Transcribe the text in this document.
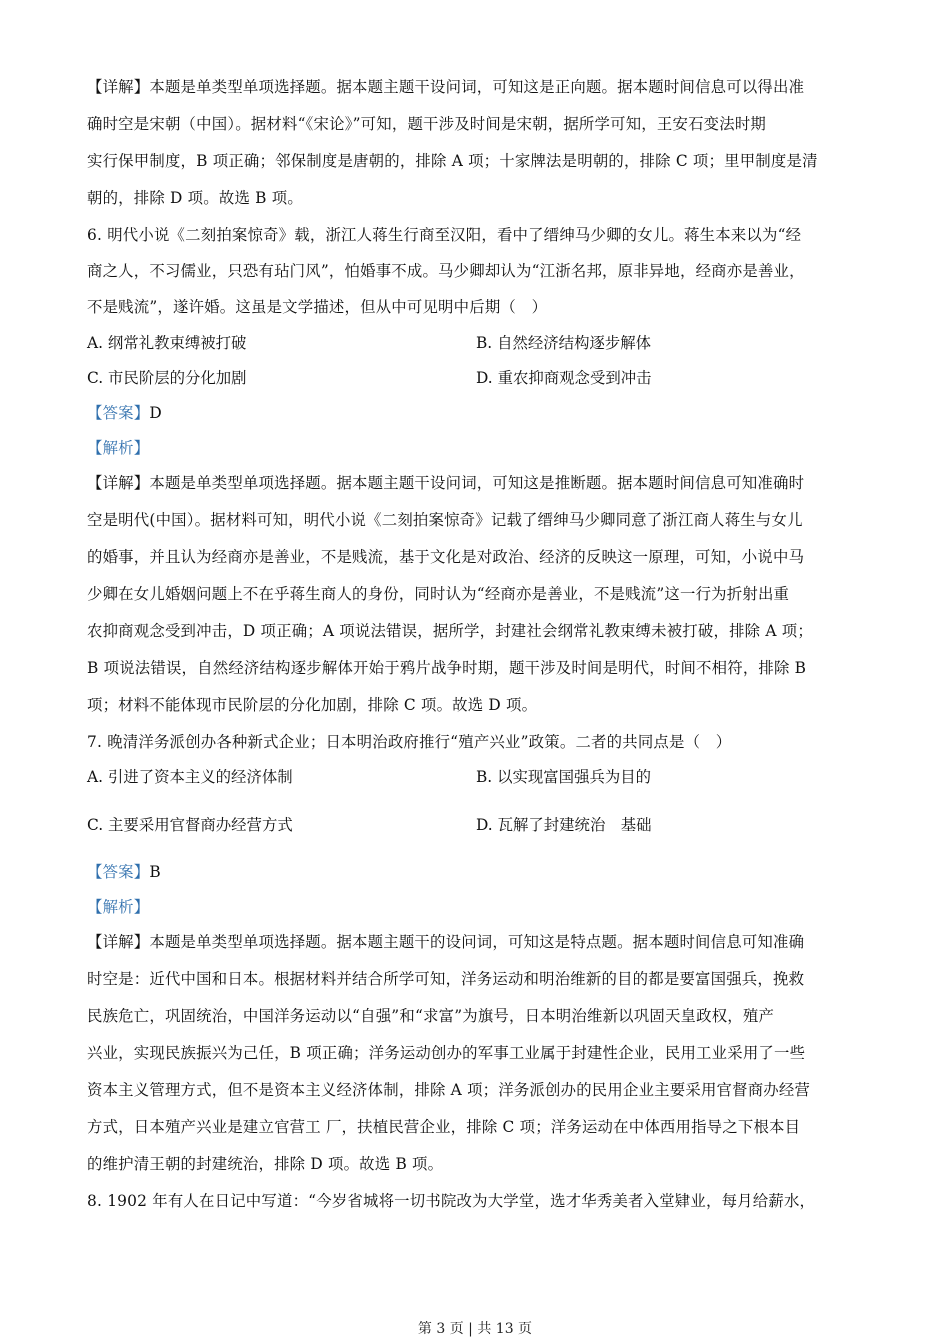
【详解】本题是单类型单项选择题。据本题主题干设问词，可知这是正向题。据本题时间信息可以得出准
确时空是宋朝（中国）。据材料“《宋论》”可知，题干涉及时间是宋朝，据所学可知，王安石变法时期
实行保甲制度，B 项正确；邻保制度是唐朝的，排除 A 项；十家牌法是明朝的，排除 C 项；里甲制度是清
朝的，排除 D 项。故选 B 项。
6. 明代小说《二刻拍案惊奇》载，浙江人蒋生行商至汉阳，看中了缙绅马少卿的女儿。蒋生本来以为“经
商之人，不习儒业，只恐有玷门风”，怕婚事不成。马少卿却认为“江浙名邦，原非异地，经商亦是善业，
不是贱流”，遂许婚。这虽是文学描述，但从中可见明中后期（　）
A. 纲常礼教束缚被打破	B. 自然经济结构逐步解体
C. 市民阶层的分化加剧	D. 重农抑商观念受到冲击
【答案】D
【解析】
【详解】本题是单类型单项选择题。据本题主题干设问词，可知这是推断题。据本题时间信息可知准确时
空是明代(中国）。据材料可知，明代小说《二刻拍案惊奇》记载了缙绅马少卿同意了浙江商人蒋生与女儿
的婚事，并且认为经商亦是善业，不是贱流，基于文化是对政治、经济的反映这一原理，可知，小说中马
少卿在女儿婚姻问题上不在乎蒋生商人的身份，同时认为“经商亦是善业，不是贱流”这一行为折射出重
农抑商观念受到冲击，D 项正确；A 项说法错误，据所学，封建社会纲常礼教束缚未被打破，排除 A 项；
B 项说法错误，自然经济结构逐步解体开始于鸦片战争时期，题干涉及时间是明代，时间不相符，排除 B
项；材料不能体现市民阶层的分化加剧，排除 C 项。故选 D 项。
7. 晚清洋务派创办各种新式企业；日本明治政府推行“殖产兴业”政策。二者的共同点是（　）
A. 引进了资本主义的经济体制	B. 以实现富国强兵为目的
C. 主要采用官督商办经营方式	D. 瓦解了封建统治　基础
【答案】B
【解析】
【详解】本题是单类型单项选择题。据本题主题干的设问词，可知这是特点题。据本题时间信息可知准确
时空是：近代中国和日本。根据材料并结合所学可知，洋务运动和明治维新的目的都是要富国强兵，挽救
民族危亡，巩固统治，中国洋务运动以“自强”和“求富”为旗号，日本明治维新以巩固天皇政权，殖产
兴业，实现民族振兴为己任，B 项正确；洋务运动创办的军事工业属于封建性企业，民用工业采用了一些
资本主义管理方式，但不是资本主义经济体制，排除 A 项；洋务派创办的民用企业主要采用官督商办经营
方式，日本殖产兴业是建立官营工 厂，扶植民营企业，排除 C 项；洋务运动在中体西用指导之下根本目
的维护清王朝的封建统治，排除 D 项。故选 B 项。
8. 1902 年有人在日记中写道：“今岁省城将一切书院改为大学堂，选才华秀美者入堂肄业，每月给薪水，
第 3 页 | 共 13 页
